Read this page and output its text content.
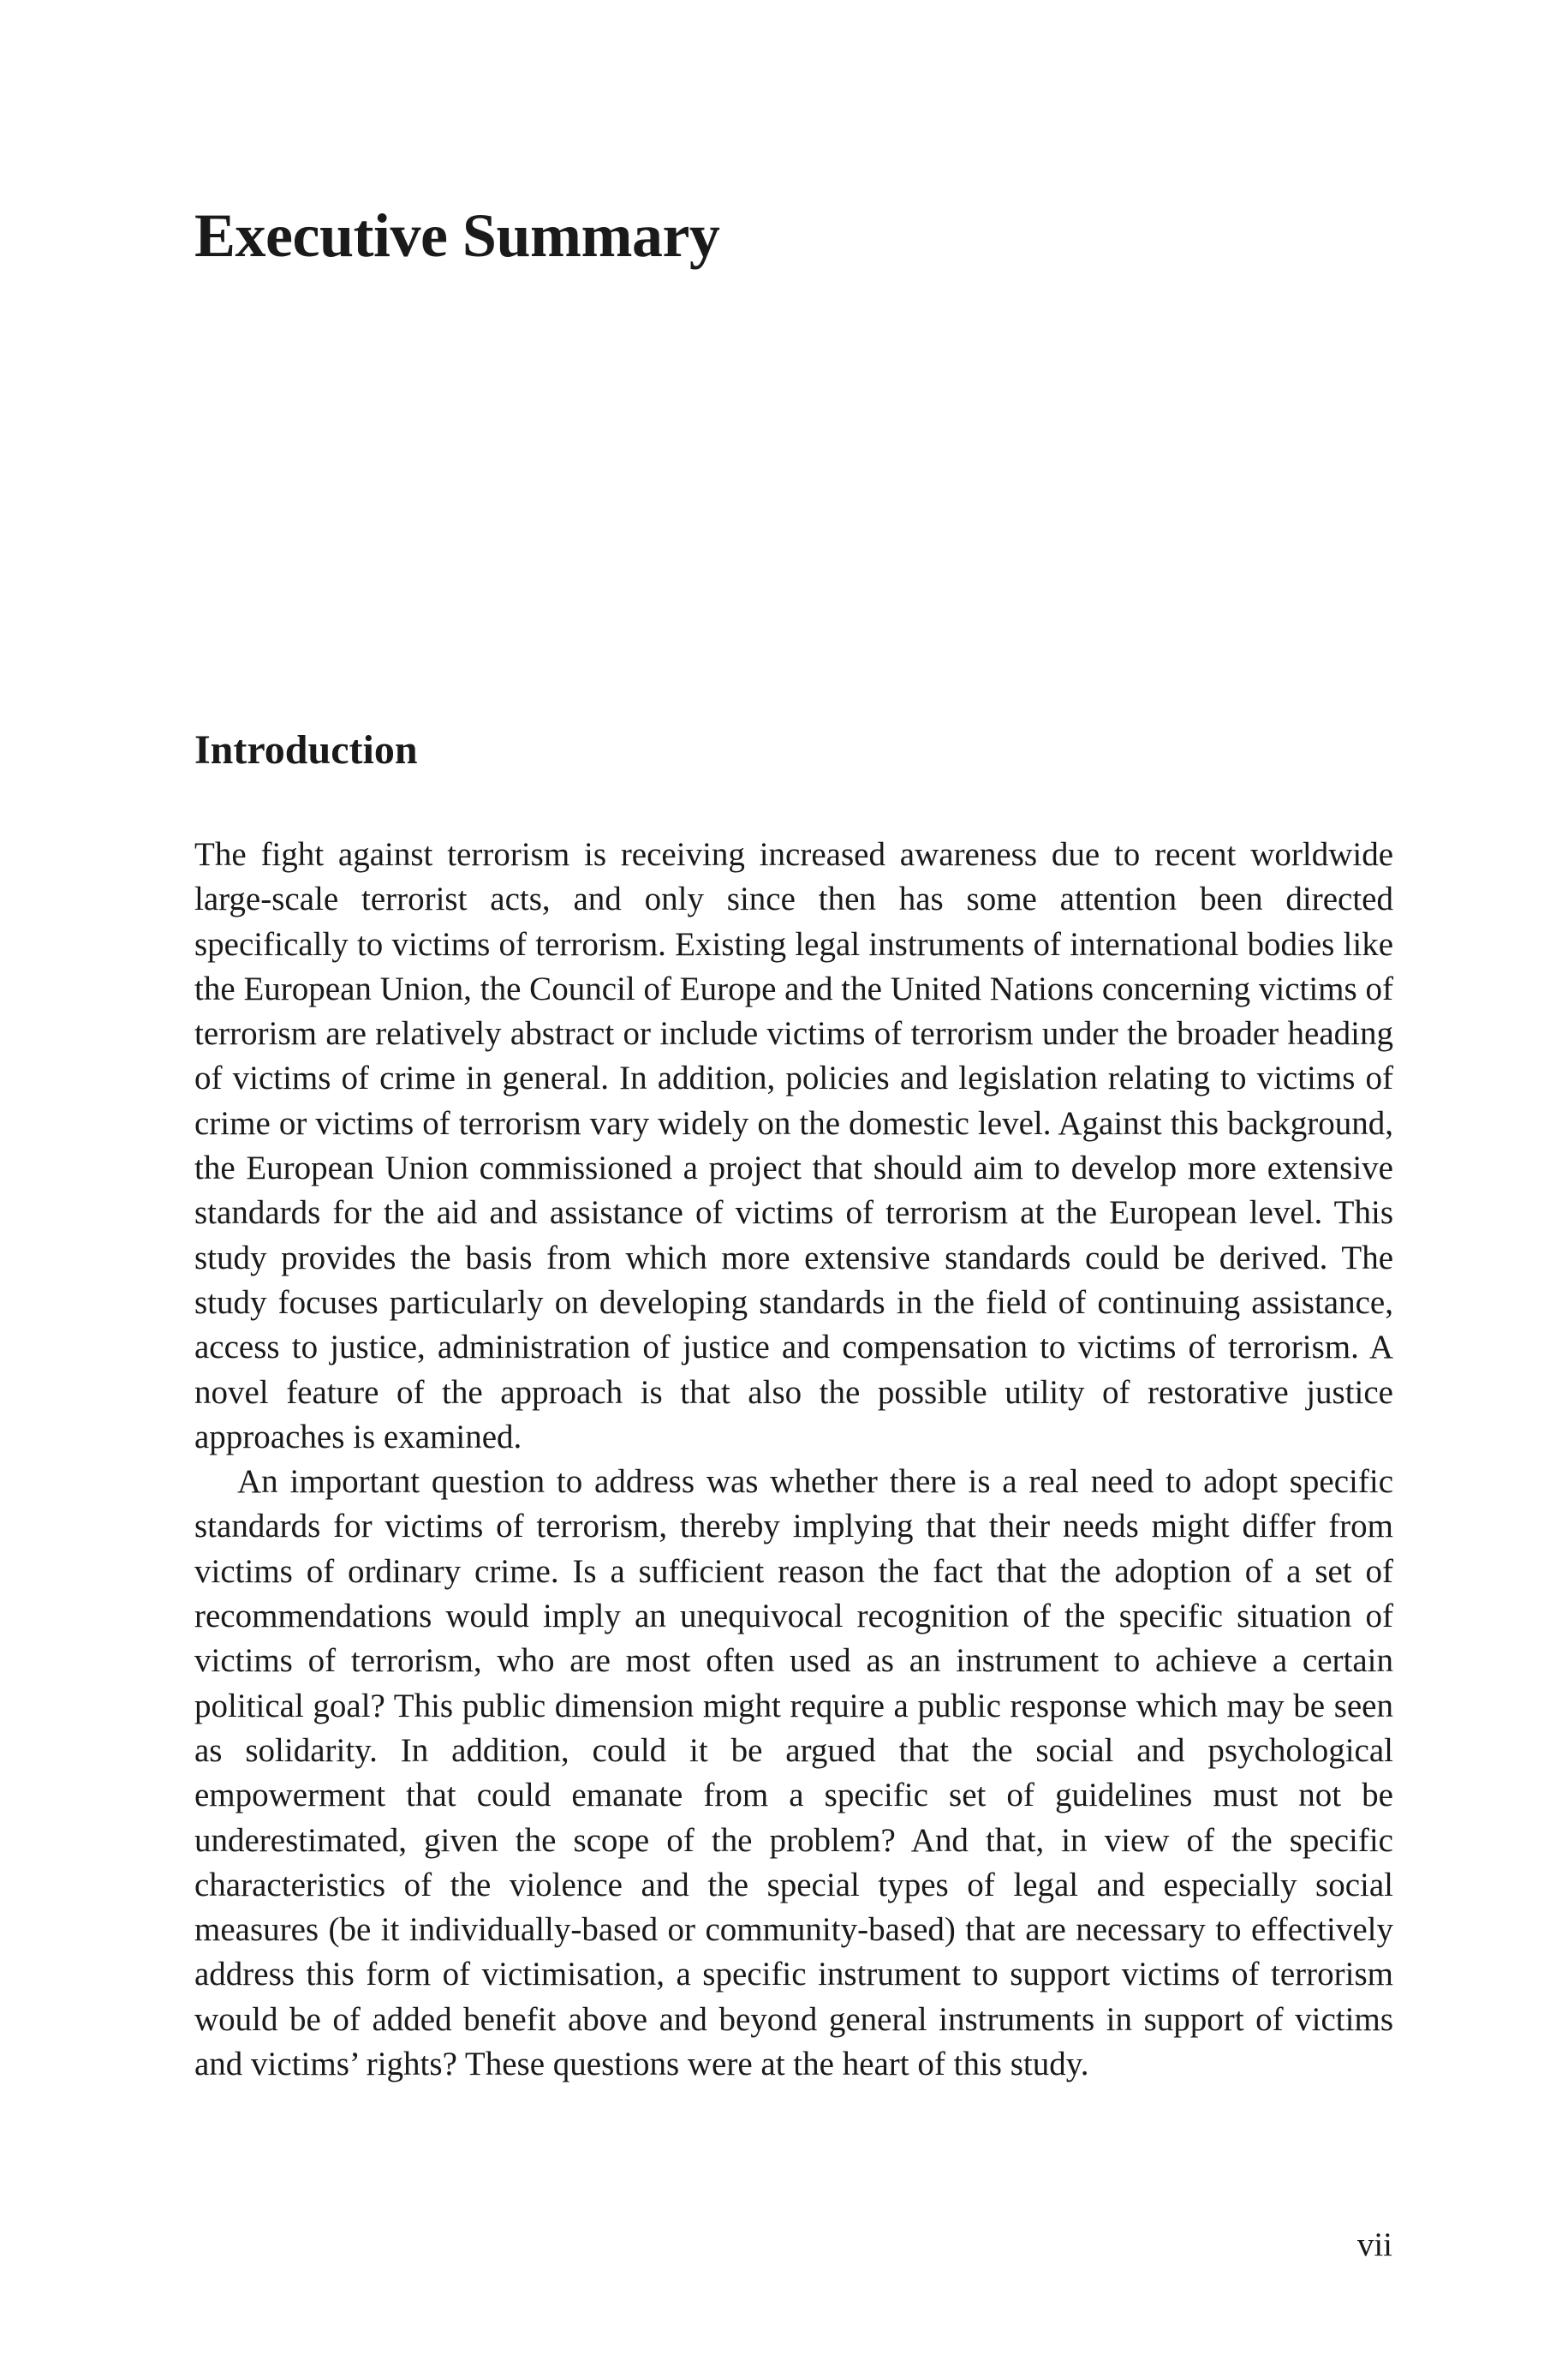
Executive Summary
Introduction

The fight against terrorism is receiving increased awareness due to recent worldwide large-scale terrorist acts, and only since then has some attention been directed specifically to victims of terrorism. Existing legal instruments of international bodies like the European Union, the Council of Europe and the United Nations concerning victims of terrorism are relatively abstract or include victims of terrorism under the broader heading of victims of crime in general. In addition, policies and legislation relating to victims of crime or victims of terrorism vary widely on the domestic level. Against this background, the European Union commissioned a project that should aim to develop more extensive standards for the aid and assistance of victims of terrorism at the European level. This study provides the basis from which more extensive standards could be derived. The study focuses particularly on developing standards in the field of continuing assistance, access to justice, administration of justice and compensation to victims of terrorism. A novel feature of the approach is that also the possible utility of restorative justice approaches is examined.

An important question to address was whether there is a real need to adopt specific standards for victims of terrorism, thereby implying that their needs might differ from victims of ordinary crime. Is a sufficient reason the fact that the adoption of a set of recommendations would imply an unequivocal recognition of the specific situation of victims of terrorism, who are most often used as an instrument to achieve a certain political goal? This public dimension might require a public response which may be seen as solidarity. In addition, could it be argued that the social and psychological empowerment that could emanate from a specific set of guidelines must not be underestimated, given the scope of the problem? And that, in view of the specific characteristics of the violence and the special types of legal and especially social measures (be it individually-based or community-based) that are necessary to effectively address this form of victimisation, a specific instrument to support victims of terrorism would be of added benefit above and beyond general instruments in support of victims and victims’ rights? These questions were at the heart of this study.

vii
